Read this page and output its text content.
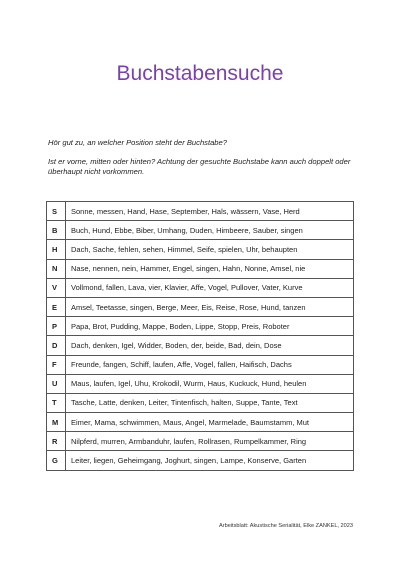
Buchstabensuche

Hör gut zu, an welcher Position steht der Buchstabe?

Ist er vorne, mitten oder hinten? Achtung der gesuchte Buchstabe kann auch doppelt oder überhaupt nicht vorkommen.

S	Sonne, messen, Hand, Hase, September, Hals, wässern, Vase, Herd
B	Buch, Hund, Ebbe, Biber, Umhang, Duden, Himbeere, Sauber, singen
H	Dach, Sache, fehlen, sehen, Himmel, Seife, spielen, Uhr, behaupten
N	Nase, nennen, nein, Hammer, Engel, singen, Hahn, Nonne, Amsel, nie
V	Vollmond, fallen, Lava, vier, Klavier, Affe, Vogel, Pullover, Vater, Kurve
E	Amsel, Teetasse, singen, Berge, Meer, Eis, Reise, Rose, Hund, tanzen
P	Papa, Brot, Pudding, Mappe, Boden, Lippe, Stopp, Preis, Roboter
D	Dach, denken, Igel, Widder, Boden, der, beide, Bad, dein, Dose
F	Freunde, fangen, Schiff, laufen, Affe, Vogel, fallen, Haifisch, Dachs
U	Maus, laufen, Igel, Uhu, Krokodil, Wurm, Haus, Kuckuck, Hund, heulen
T	Tasche, Latte, denken, Leiter, Tintenfisch, halten, Suppe, Tante, Text
M	Eimer, Mama, schwimmen, Maus, Angel, Marmelade, Baumstamm, Mut
R	Nilpferd, murren, Armbanduhr, laufen, Rollrasen, Rumpelkammer, Ring
G	Leiter, liegen, Geheimgang, Joghurt, singen, Lampe, Konserve, Garten
Arbeitsblatt: Akustische Serialität, Elke ZANKEL, 2023
